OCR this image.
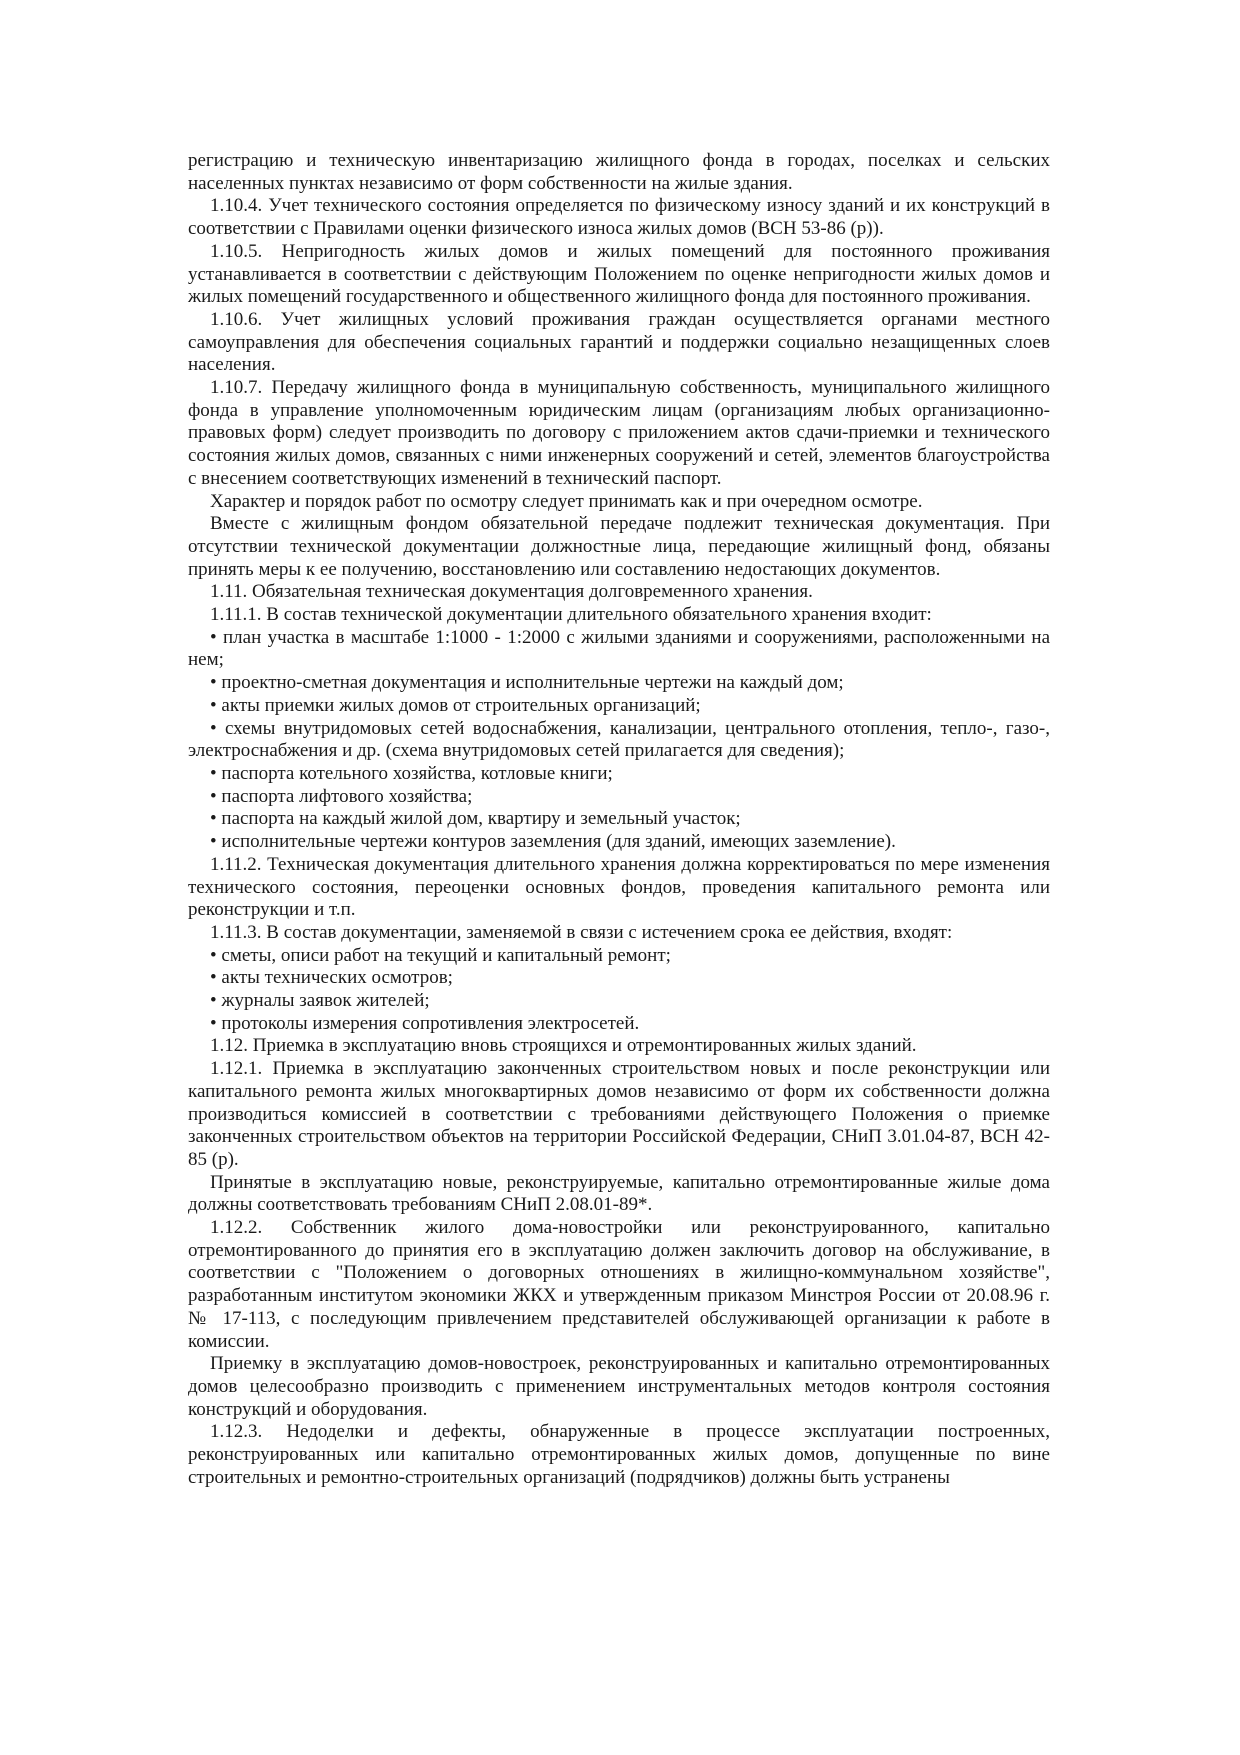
регистрацию и техническую инвентаризацию жилищного фонда в городах, поселках и сельских населенных пунктах независимо от форм собственности на жилые здания.

1.10.4. Учет технического состояния определяется по физическому износу зданий и их конструкций в соответствии с Правилами оценки физического износа жилых домов (ВСН 53-86 (р)).

1.10.5. Непригодность жилых домов и жилых помещений для постоянного проживания устанавливается в соответствии с действующим Положением по оценке непригодности жилых домов и жилых помещений государственного и общественного жилищного фонда для постоянного проживания.

1.10.6. Учет жилищных условий проживания граждан осуществляется органами местного самоуправления для обеспечения социальных гарантий и поддержки социально незащищенных слоев населения.

1.10.7. Передачу жилищного фонда в муниципальную собственность, муниципального жилищного фонда в управление уполномоченным юридическим лицам (организациям любых организационно-правовых форм) следует производить по договору с приложением актов сдачи-приемки и технического состояния жилых домов, связанных с ними инженерных сооружений и сетей, элементов благоустройства с внесением соответствующих изменений в технический паспорт.

Характер и порядок работ по осмотру следует принимать как и при очередном осмотре.

Вместе с жилищным фондом обязательной передаче подлежит техническая документация. При отсутствии технической документации должностные лица, передающие жилищный фонд, обязаны принять меры к ее получению, восстановлению или составлению недостающих документов.

1.11. Обязательная техническая документация долговременного хранения.

1.11.1. В состав технической документации длительного обязательного хранения входит:

• план участка в масштабе 1:1000 - 1:2000 с жилыми зданиями и сооружениями, расположенными на нем;

• проектно-сметная документация и исполнительные чертежи на каждый дом;

• акты приемки жилых домов от строительных организаций;

• схемы внутридомовых сетей водоснабжения, канализации, центрального отопления, тепло-, газо-, электроснабжения и др. (схема внутридомовых сетей прилагается для сведения);

• паспорта котельного хозяйства, котловые книги;

• паспорта лифтового хозяйства;

• паспорта на каждый жилой дом, квартиру и земельный участок;

• исполнительные чертежи контуров заземления (для зданий, имеющих заземление).

1.11.2. Техническая документация длительного хранения должна корректироваться по мере изменения технического состояния, переоценки основных фондов, проведения капитального ремонта или реконструкции и т.п.

1.11.3. В состав документации, заменяемой в связи с истечением срока ее действия, входят:

• сметы, описи работ на текущий и капитальный ремонт;

• акты технических осмотров;

• журналы заявок жителей;

• протоколы измерения сопротивления электросетей.

1.12. Приемка в эксплуатацию вновь строящихся и отремонтированных жилых зданий.

1.12.1. Приемка в эксплуатацию законченных строительством новых и после реконструкции или капитального ремонта жилых многоквартирных домов независимо от форм их собственности должна производиться комиссией в соответствии с требованиями действующего Положения о приемке законченных строительством объектов на территории Российской Федерации, СНиП 3.01.04-87, ВСН 42-85 (р).

Принятые в эксплуатацию новые, реконструируемые, капитально отремонтированные жилые дома должны соответствовать требованиям СНиП 2.08.01-89*.

1.12.2. Собственник жилого дома-новостройки или реконструированного, капитально отремонтированного до принятия его в эксплуатацию должен заключить договор на обслуживание, в соответствии с "Положением о договорных отношениях в жилищно-коммунальном хозяйстве", разработанным институтом экономики ЖКХ и утвержденным приказом Минстроя России от 20.08.96 г. № 17-113, с последующим привлечением представителей обслуживающей организации к работе в комиссии.

Приемку в эксплуатацию домов-новостроек, реконструированных и капитально отремонтированных домов целесообразно производить с применением инструментальных методов контроля состояния конструкций и оборудования.

1.12.3. Недоделки и дефекты, обнаруженные в процессе эксплуатации построенных, реконструированных или капитально отремонтированных жилых домов, допущенные по вине строительных и ремонтно-строительных организаций (подрядчиков) должны быть устранены
